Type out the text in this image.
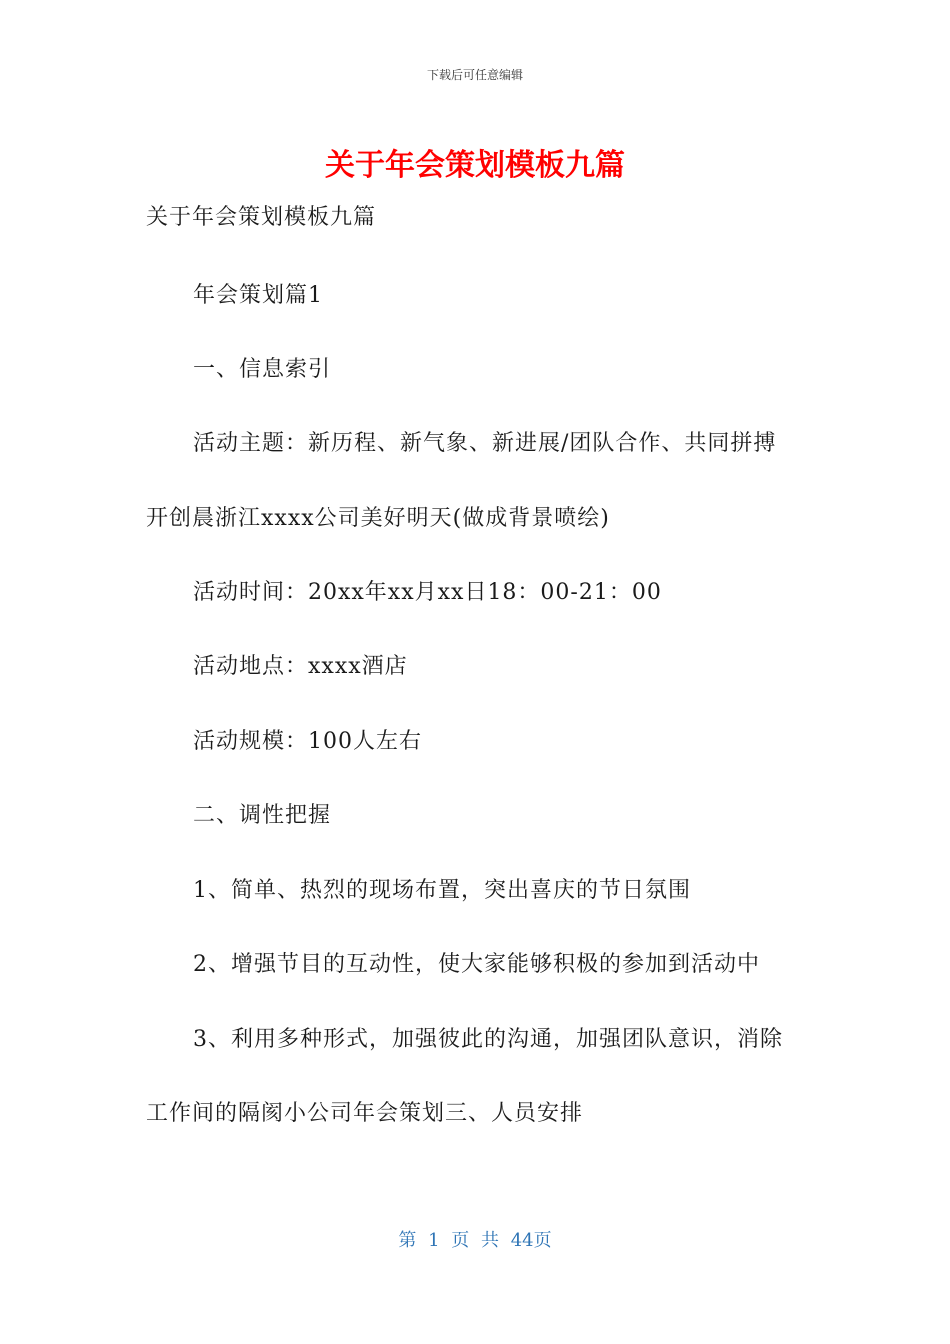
下载后可任意编辑
关于年会策划模板九篇
关于年会策划模板九篇
年会策划篇1
一、信息索引
活动主题：新历程、新气象、新进展/团队合作、共同拼搏
开创晨浙江xxxx公司美好明天(做成背景喷绘)
活动时间：20xx年xx月xx日18：00-21：00
活动地点：xxxx酒店
活动规模：100人左右
二、调性把握
1、简单、热烈的现场布置，突出喜庆的节日氛围
2、增强节目的互动性，使大家能够积极的参加到活动中
3、利用多种形式，加强彼此的沟通，加强团队意识，消除
工作间的隔阂小公司年会策划三、人员安排
第 1 页 共 44页
